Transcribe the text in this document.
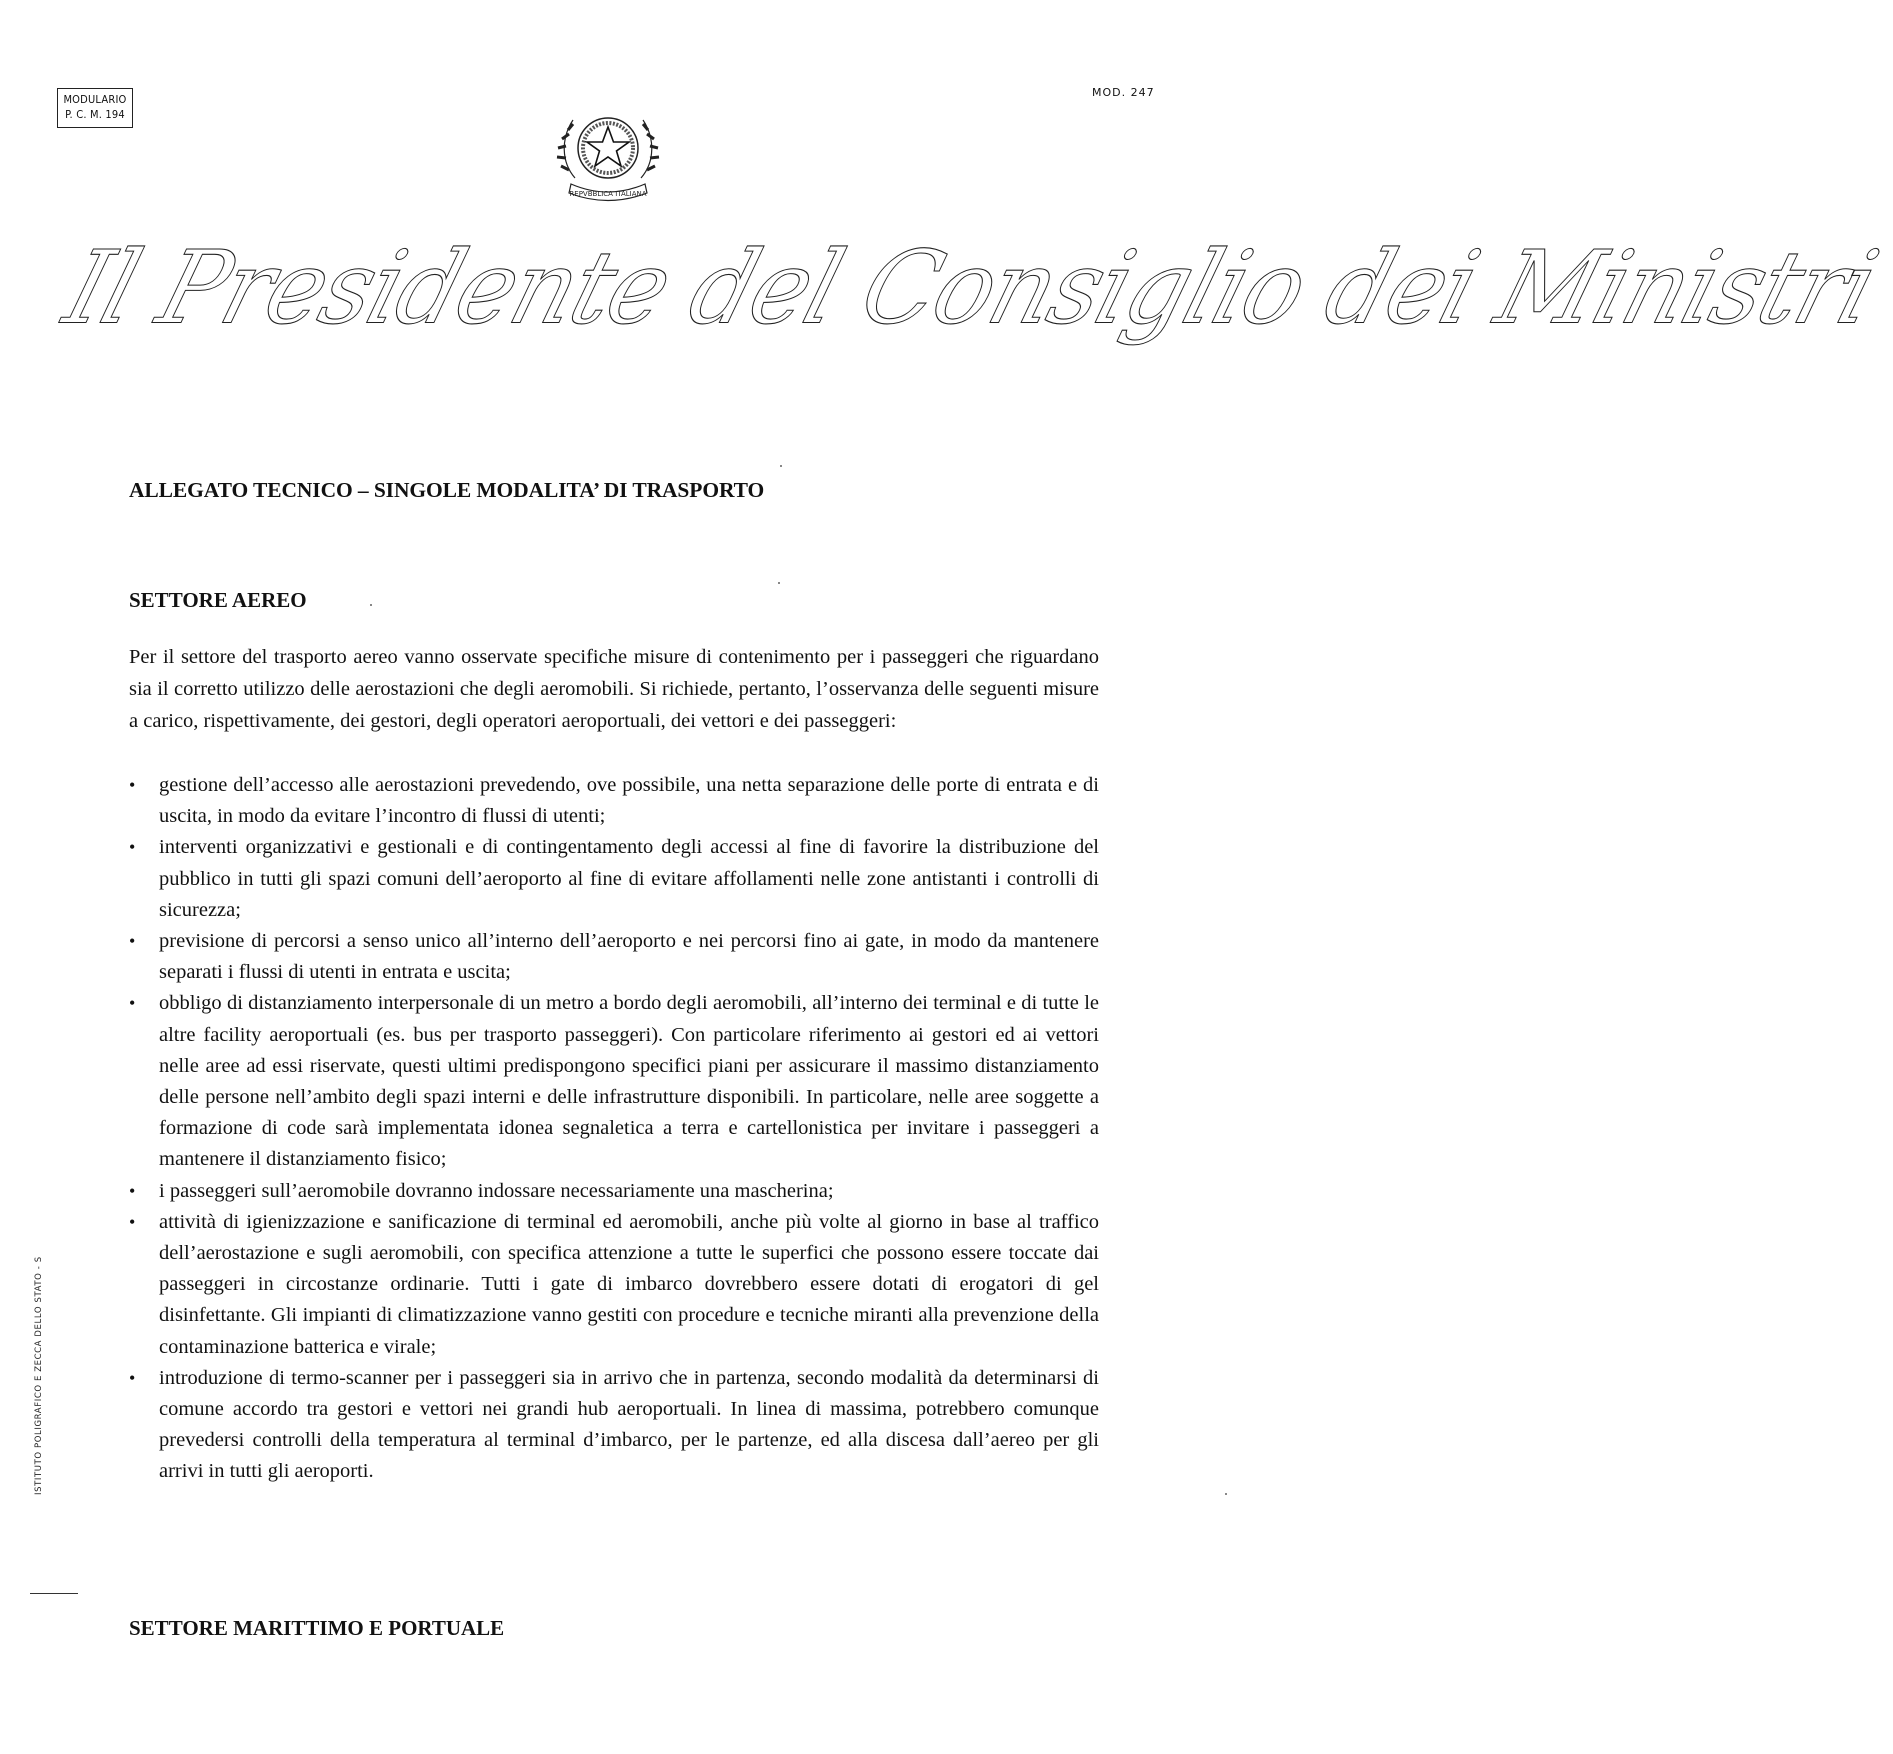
MODULARIO
P. C. M. 194
MOD. 247
REPVBBLICA ITALIANA
Il Presidente del Consiglio dei Ministri
ALLEGATO TECNICO – SINGOLE MODALITA’ DI TRASPORTO
SETTORE AEREO

Per il settore del trasporto aereo vanno osservate specifiche misure di contenimento per i passeggeri che riguardano sia il corretto utilizzo delle aerostazioni che degli aeromobili. Si richiede, pertanto, l’osservanza delle seguenti misure a carico, rispettivamente, dei gestori, degli operatori aeroportuali, dei vettori e dei passeggeri:

• gestione dell’accesso alle aerostazioni prevedendo, ove possibile, una netta separazione delle porte di entrata e di uscita, in modo da evitare l’incontro di flussi di utenti;
• interventi organizzativi e gestionali e di contingentamento degli accessi al fine di favorire la distribuzione del pubblico in tutti gli spazi comuni dell’aeroporto al fine di evitare affollamenti nelle zone antistanti i controlli di sicurezza;
• previsione di percorsi a senso unico all’interno dell’aeroporto e nei percorsi fino ai gate, in modo da mantenere separati i flussi di utenti in entrata e uscita;
• obbligo di distanziamento interpersonale di un metro a bordo degli aeromobili, all’interno dei terminal e di tutte le altre facility aeroportuali (es. bus per trasporto passeggeri). Con particolare riferimento ai gestori ed ai vettori nelle aree ad essi riservate, questi ultimi predispongono specifici piani per assicurare il massimo distanziamento delle persone nell’ambito degli spazi interni e delle infrastrutture disponibili. In particolare, nelle aree soggette a formazione di code sarà implementata idonea segnaletica a terra e cartellonistica per invitare i passeggeri a mantenere il distanziamento fisico;
• i passeggeri sull’aeromobile dovranno indossare necessariamente una mascherina;
• attività di igienizzazione e sanificazione di terminal ed aeromobili, anche più volte al giorno in base al traffico dell’aerostazione e sugli aeromobili, con specifica attenzione a tutte le superfici che possono essere toccate dai passeggeri in circostanze ordinarie. Tutti i gate di imbarco dovrebbero essere dotati di erogatori di gel disinfettante. Gli impianti di climatizzazione vanno gestiti con procedure e tecniche miranti alla prevenzione della contaminazione batterica e virale;
• introduzione di termo-scanner per i passeggeri sia in arrivo che in partenza, secondo modalità da determinarsi di comune accordo tra gestori e vettori nei grandi hub aeroportuali. In linea di massima, potrebbero comunque prevedersi controlli della temperatura al terminal d’imbarco, per le partenze, ed alla discesa dall’aereo per gli arrivi in tutti gli aeroporti.
SETTORE MARITTIMO E PORTUALE
ISTITUTO POLIGRAFICO E ZECCA DELLO STATO - S
